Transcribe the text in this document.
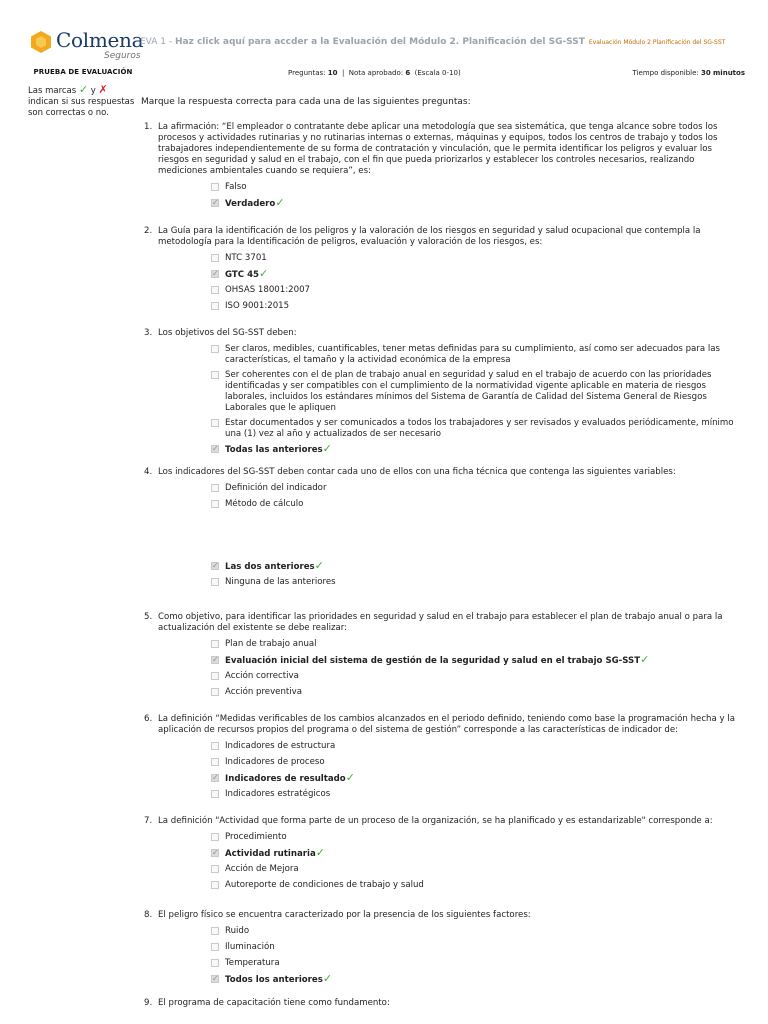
Colmena
Seguros
EVA 1 - Haz click aquí para accder a la Evaluación del Módulo 2. Planificación del SG-SST Evaluación Módulo 2 Planificación del SG-SST
PRUEBA DE EVALUACIÓN
Las marcas ✓ y ✗ indican si sus respuestas son correctas o no.
Preguntas: 10 | Nota aprobado: 6 (Escala 0-10)	Tiempo disponible: 30 minutos
Marque la respuesta correcta para cada una de las siguientes preguntas:
1. La afirmación: “El empleador o contratante debe aplicar una metodología que sea sistemática, que tenga alcance sobre todos los procesos y actividades rutinarias y no rutinarias internas o externas, máquinas y equipos, todos los centros de trabajo y todos los trabajadores independientemente de su forma de contratación y vinculación, que le permita identificar los peligros y evaluar los riesgos en seguridad y salud en el trabajo, con el fin que pueda priorizarlos y establecer los controles necesarios, realizando mediciones ambientales cuando se requiera”, es:
Falso
✓
Verdadero✓
2. La Guía para la identificación de los peligros y la valoración de los riesgos en seguridad y salud ocupacional que contempla la metodología para la Identificación de peligros, evaluación y valoración de los riesgos, es:
NTC 3701
✓
GTC 45✓
OHSAS 18001:2007
ISO 9001:2015
3. Los objetivos del SG-SST deben:
Ser claros, medibles, cuantificables, tener metas definidas para su cumplimiento, así como ser adecuados para las características, el tamaño y la actividad económica de la empresa
Ser coherentes con el de plan de trabajo anual en seguridad y salud en el trabajo de acuerdo con las prioridades identificadas y ser compatibles con el cumplimiento de la normatividad vigente aplicable en materia de riesgos laborales, incluidos los estándares mínimos del Sistema de Garantía de Calidad del Sistema General de Riesgos Laborales que le apliquen
Estar documentados y ser comunicados a todos los trabajadores y ser revisados y evaluados periódicamente, mínimo una (1) vez al año y actualizados de ser necesario
✓
Todas las anteriores✓
4. Los indicadores del SG-SST deben contar cada uno de ellos con una ficha técnica que contenga las siguientes variables:
Definición del indicador
Método de cálculo
✓
Las dos anteriores✓
Ninguna de las anteriores
5. Como objetivo, para identificar las prioridades en seguridad y salud en el trabajo para establecer el plan de trabajo anual o para la actualización del existente se debe realizar:
Plan de trabajo anual
✓
Evaluación inicial del sistema de gestión de la seguridad y salud en el trabajo SG-SST✓
Acción correctiva
Acción preventiva
6. La definición “Medidas verificables de los cambios alcanzados en el periodo definido, teniendo como base la programación hecha y la aplicación de recursos propios del programa o del sistema de gestión” corresponde a las características de indicador de:
Indicadores de estructura
Indicadores de proceso
✓
Indicadores de resultado✓
Indicadores estratégicos
7. La definición "Actividad que forma parte de un proceso de la organización, se ha planificado y es estandarizable" corresponde a:
Procedimiento
✓
Actividad rutinaria✓
Acción de Mejora
Autoreporte de condiciones de trabajo y salud
8. El peligro físico se encuentra caracterizado por la presencia de los siguientes factores:
Ruido
Iluminación
Temperatura
✓
Todos los anteriores✓
9. El programa de capacitación tiene como fundamento:
